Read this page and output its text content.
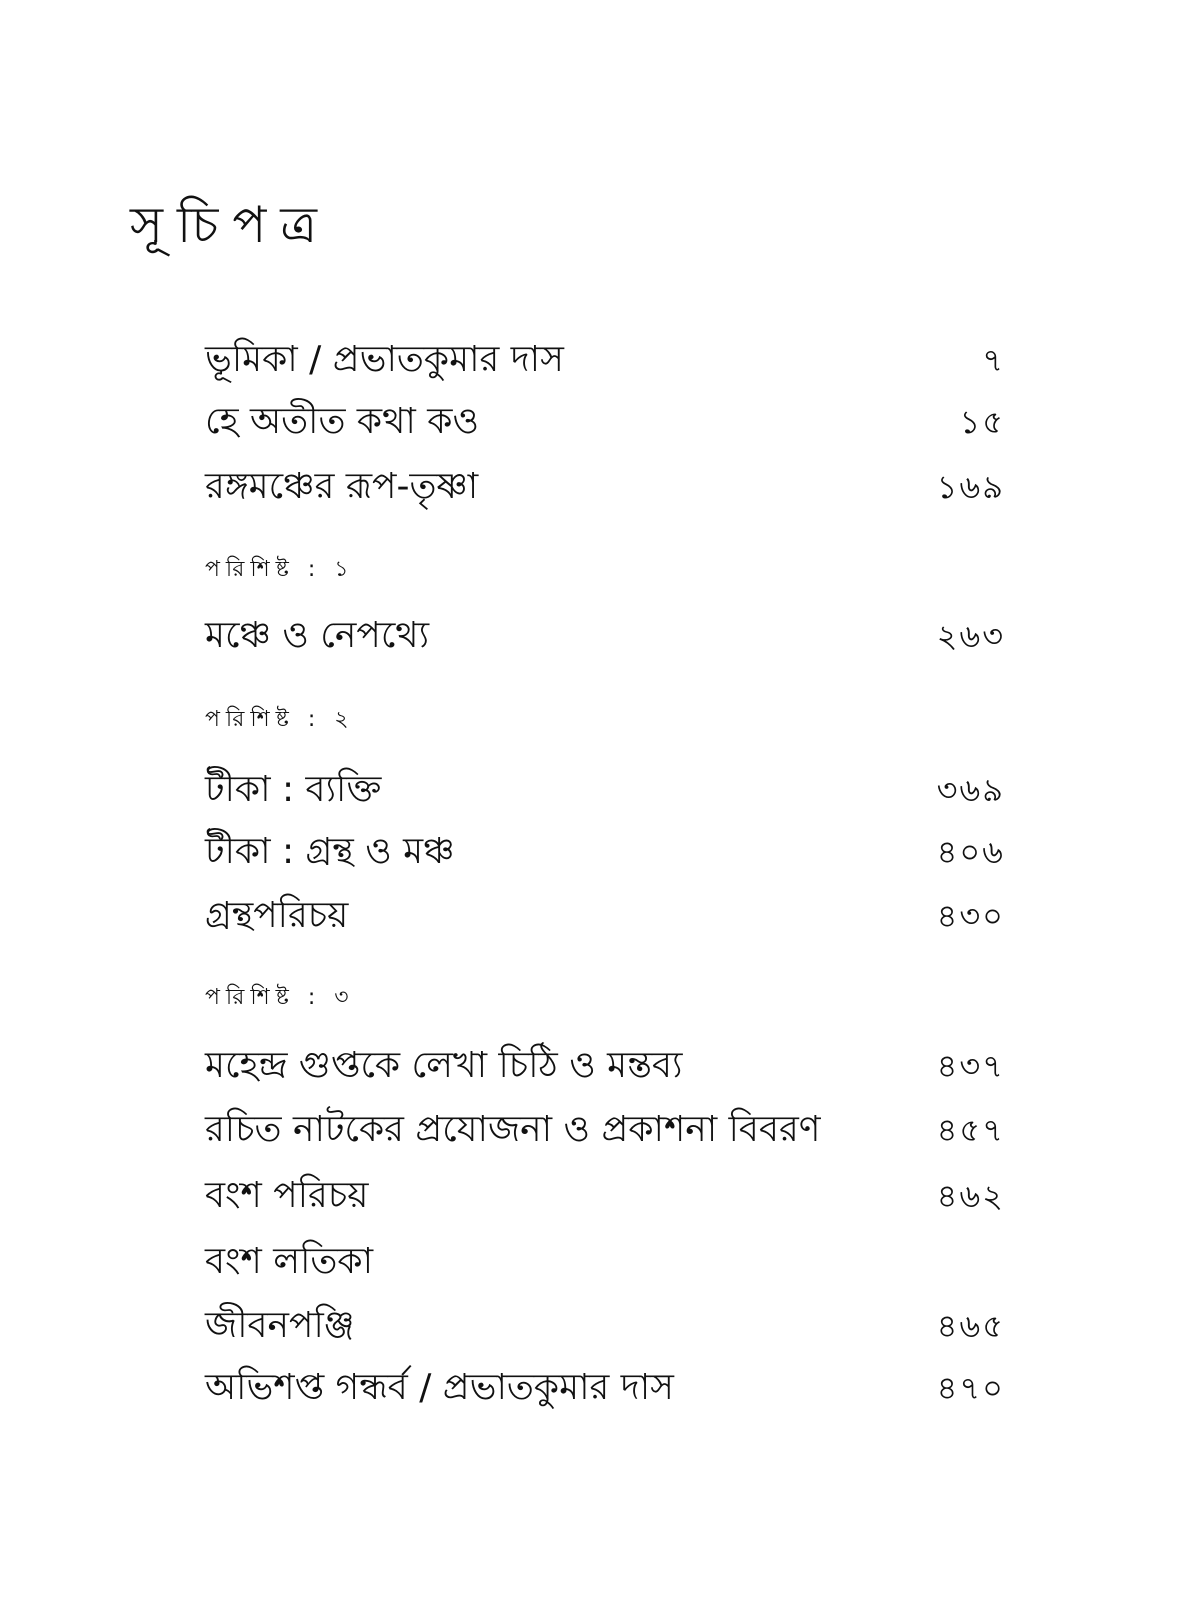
সূচিপত্র
ভূমিকা / প্রভাতকুমার দাস	৭
হে অতীত কথা কও	১৫
রঙ্গমঞ্চের রূপ-তৃষ্ণা	১৬৯
পরিশিষ্ট : ১
মঞ্চে ও নেপথ্যে	২৬৩
পরিশিষ্ট : ২
টীকা : ব্যক্তি	৩৬৯
টীকা : গ্রন্থ ও মঞ্চ	৪০৬
গ্রন্থপরিচয়	৪৩০
পরিশিষ্ট : ৩
মহেন্দ্র গুপ্তকে লেখা চিঠি ও মন্তব্য	৪৩৭
রচিত নাটকের প্রযোজনা ও প্রকাশনা বিবরণ	৪৫৭
বংশ পরিচয়	৪৬২
বংশ লতিকা
জীবনপঞ্জি	৪৬৫
অভিশপ্ত গন্ধর্ব / প্রভাতকুমার দাস	৪৭০
